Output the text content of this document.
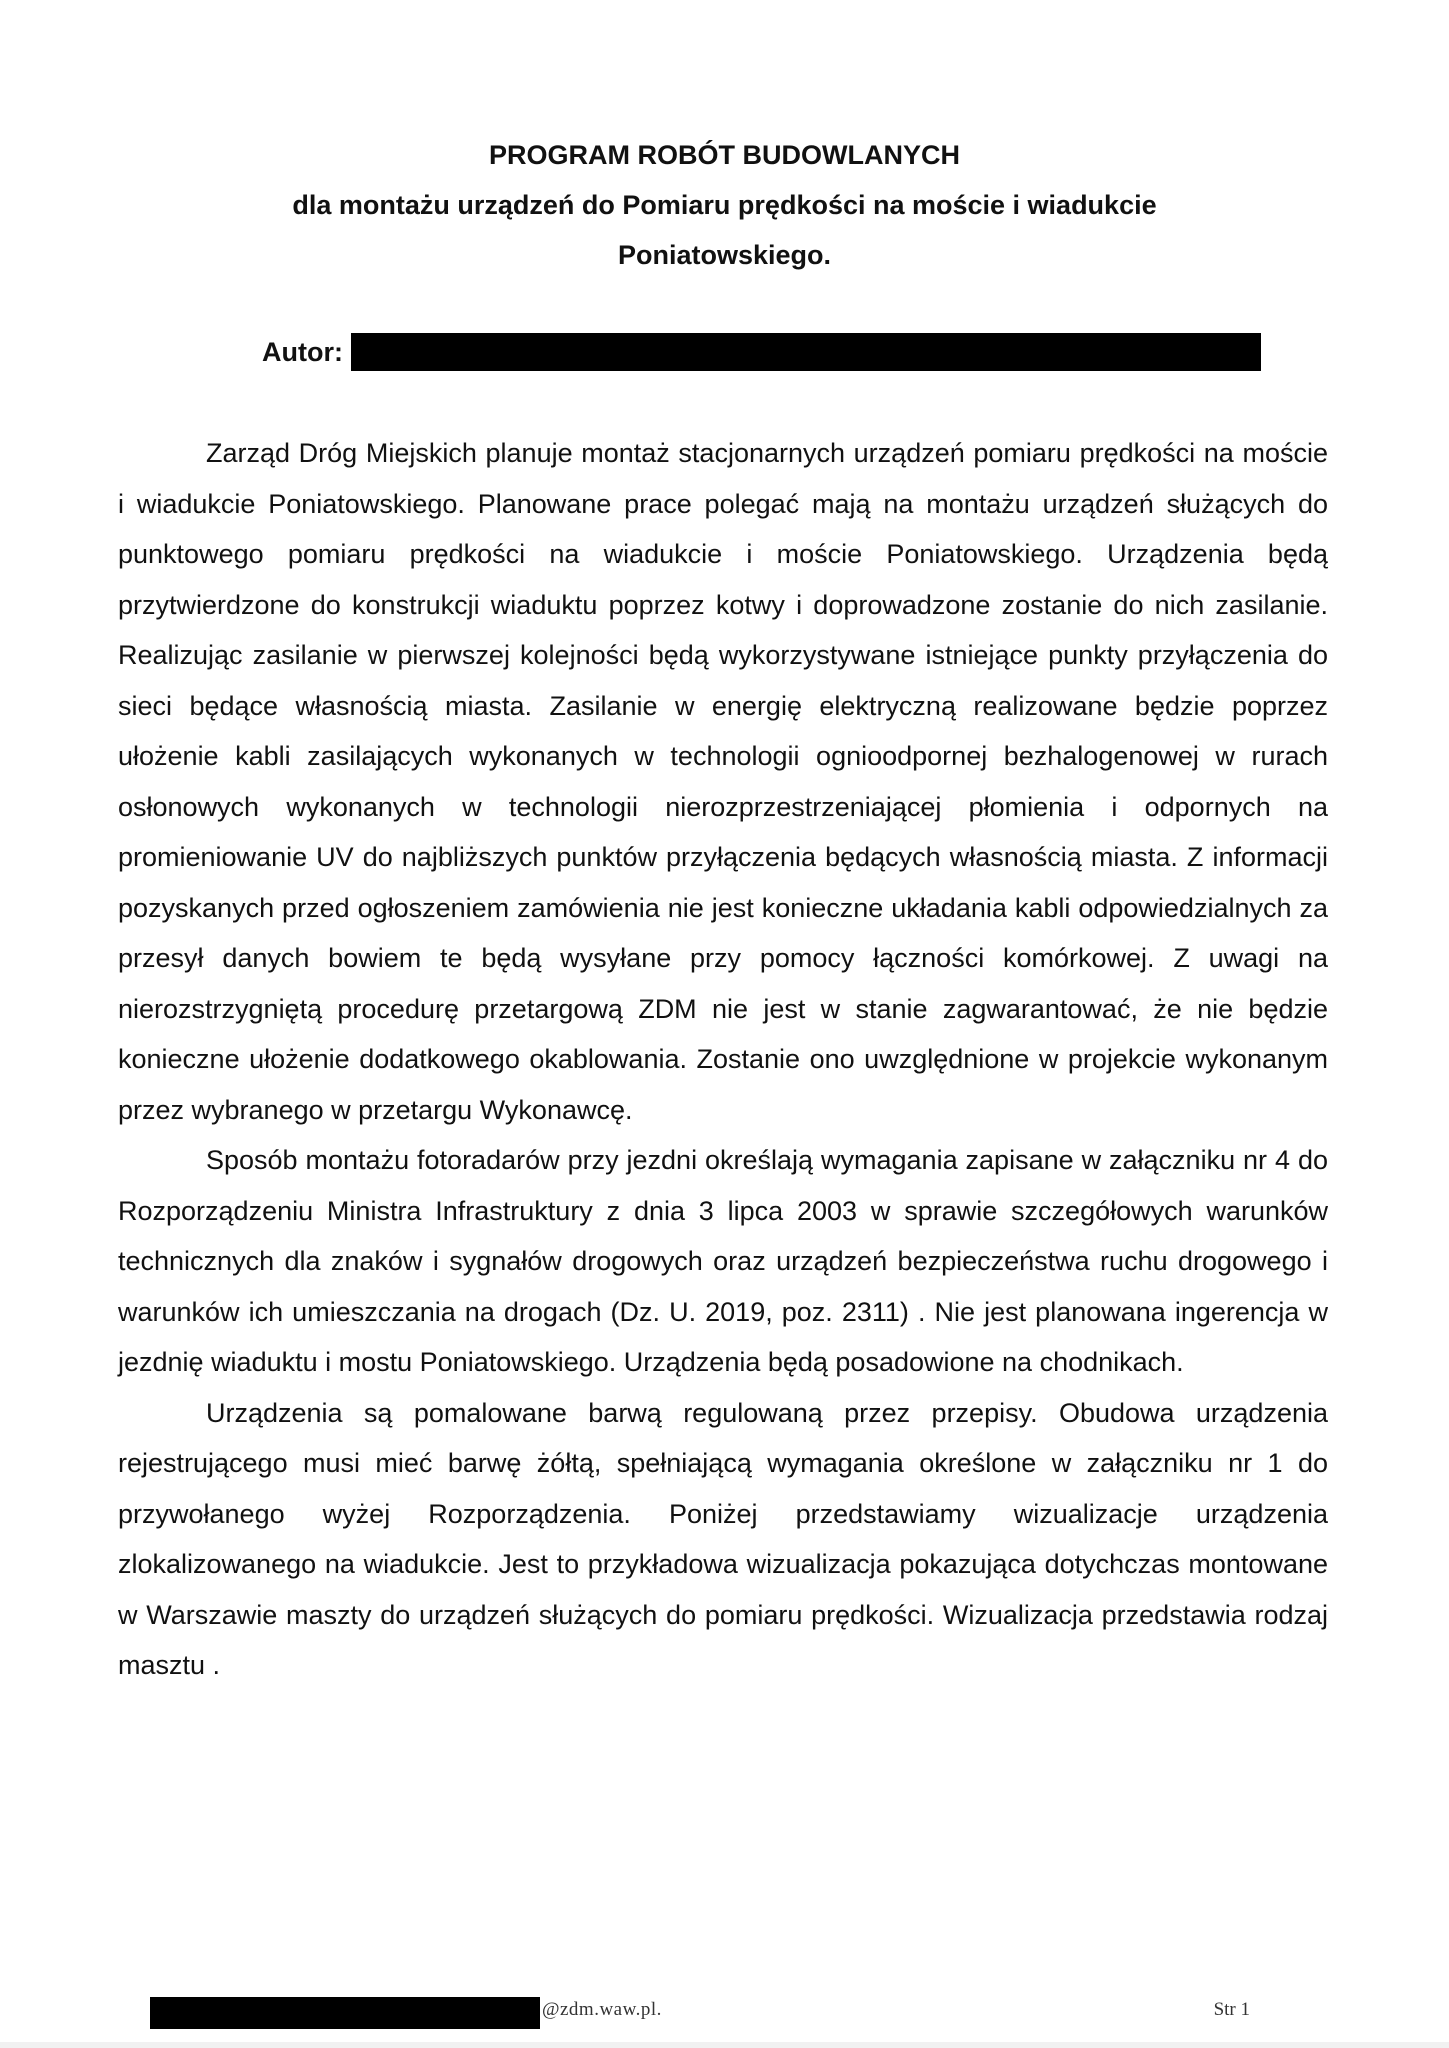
PROGRAM ROBÓT BUDOWLANYCH
dla montażu urządzeń do Pomiaru prędkości na moście i wiadukcie
Poniatowskiego.
Autor:

Zarząd Dróg Miejskich planuje montaż stacjonarnych urządzeń pomiaru prędkości na moście i wiadukcie Poniatowskiego. Planowane prace polegać mają na montażu urządzeń służących do punktowego pomiaru prędkości na wiadukcie i moście Poniatowskiego. Urządzenia będą przytwierdzone do konstrukcji wiaduktu poprzez kotwy i doprowadzone zostanie do nich zasilanie. Realizując zasilanie w pierwszej kolejności będą wykorzystywane istniejące punkty przyłączenia do sieci będące własnością miasta. Zasilanie w energię elektryczną realizowane będzie poprzez ułożenie kabli zasilających wykonanych w technologii ognioodpornej bezhalogenowej w rurach osłonowych wykonanych w technologii nierozprzestrzeniającej płomienia i odpornych na promieniowanie UV do najbliższych punktów przyłączenia będących własnością miasta. Z informacji pozyskanych przed ogłoszeniem zamówienia nie jest konieczne układania kabli odpowiedzialnych za przesył danych bowiem te będą wysyłane przy pomocy łączności komórkowej. Z uwagi na nierozstrzygniętą procedurę przetargową ZDM nie jest w stanie zagwarantować, że nie będzie konieczne ułożenie dodatkowego okablowania. Zostanie ono uwzględnione w projekcie wykonanym przez wybranego w przetargu Wykonawcę.

Sposób montażu fotoradarów przy jezdni określają wymagania zapisane w załączniku nr 4 do Rozporządzeniu Ministra Infrastruktury z dnia 3 lipca 2003 w sprawie szczegółowych warunków technicznych dla znaków i sygnałów drogowych oraz urządzeń bezpieczeństwa ruchu drogowego i warunków ich umieszczania na drogach (Dz. U. 2019, poz. 2311) . Nie jest planowana ingerencja w jezdnię wiaduktu i mostu Poniatowskiego. Urządzenia będą posadowione na chodnikach.

Urządzenia są pomalowane barwą regulowaną przez przepisy. Obudowa urządzenia rejestrującego musi mieć barwę żółtą, spełniającą wymagania określone w załączniku nr 1 do przywołanego wyżej Rozporządzenia. Poniżej przedstawiamy wizualizacje urządzenia zlokalizowanego na wiadukcie. Jest to przykładowa wizualizacja pokazująca dotychczas montowane w Warszawie maszty do urządzeń służących do pomiaru prędkości. Wizualizacja przedstawia rodzaj masztu .

@zdm.waw.pl.	Str 1
